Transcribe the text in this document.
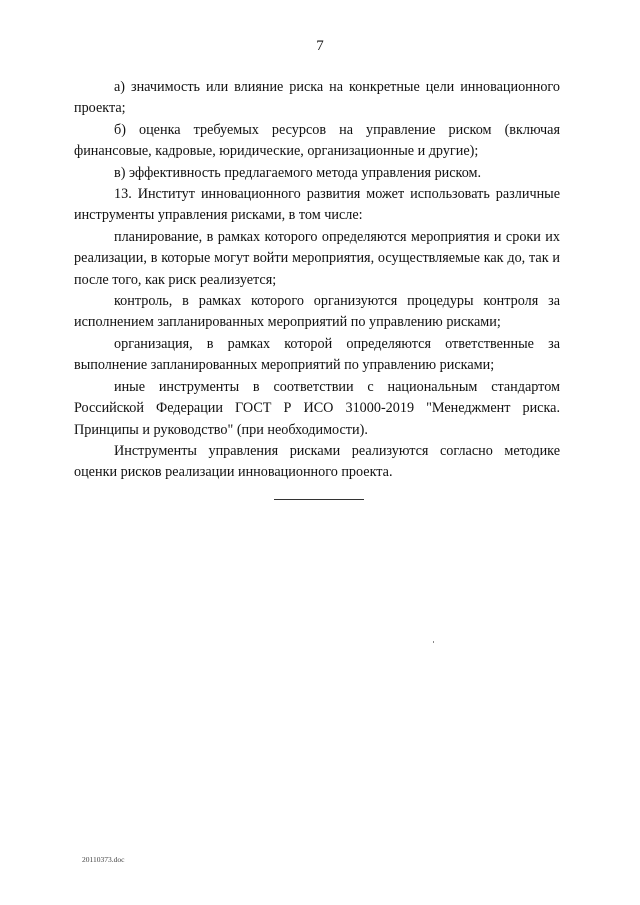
7

а) значимость или влияние риска на конкретные цели инновационного проекта;

б) оценка требуемых ресурсов на управление риском (включая финансовые, кадровые, юридические, организационные и другие);

в) эффективность предлагаемого метода управления риском.

13. Институт инновационного развития может использовать различные инструменты управления рисками, в том числе:

планирование, в рамках которого определяются мероприятия и сроки их реализации, в которые могут войти мероприятия, осуществляемые как до, так и после того, как риск реализуется;

контроль, в рамках которого организуются процедуры контроля за исполнением запланированных мероприятий по управлению рисками;

организация, в рамках которой определяются ответственные за выполнение запланированных мероприятий по управлению рисками;

иные инструменты в соответствии с национальным стандартом Российской Федерации ГОСТ Р ИСО 31000-2019 "Менеджмент риска. Принципы и руководство" (при необходимости).

Инструменты управления рисками реализуются согласно методике оценки рисков реализации инновационного проекта.

20110373.doc
